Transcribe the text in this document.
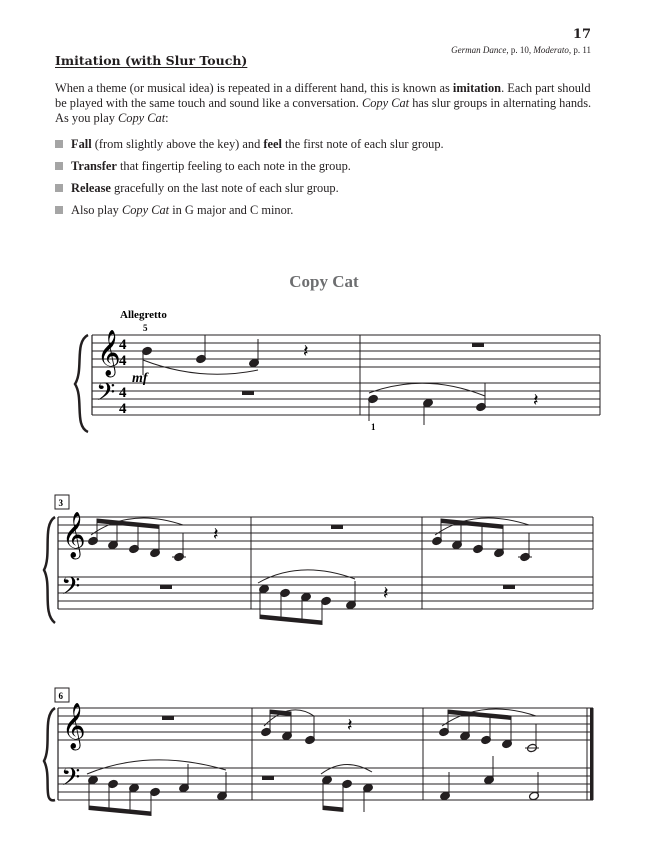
17
German Dance, p. 10, Moderato, p. 11
Imitation (with Slur Touch)

When a theme (or musical idea) is repeated in a different hand, this is known as imitation. Each part should be played with the same touch and sound like a conversation. Copy Cat has slur groups in alternating hands. As you play Copy Cat:

Fall (from slightly above the key) and feel the first note of each slur group.
Transfer that fingertip feeling to each note in the group.
Release gracefully on the last note of each slur group.
Also play Copy Cat in G major and C minor.
Copy Cat
Allegretto
5
𝄞
𝄢
4
4
4
4
mf
𝄽
1
𝄽
3
𝄞
𝄢
𝄽
𝄽
6
𝄞
𝄢
𝄽
